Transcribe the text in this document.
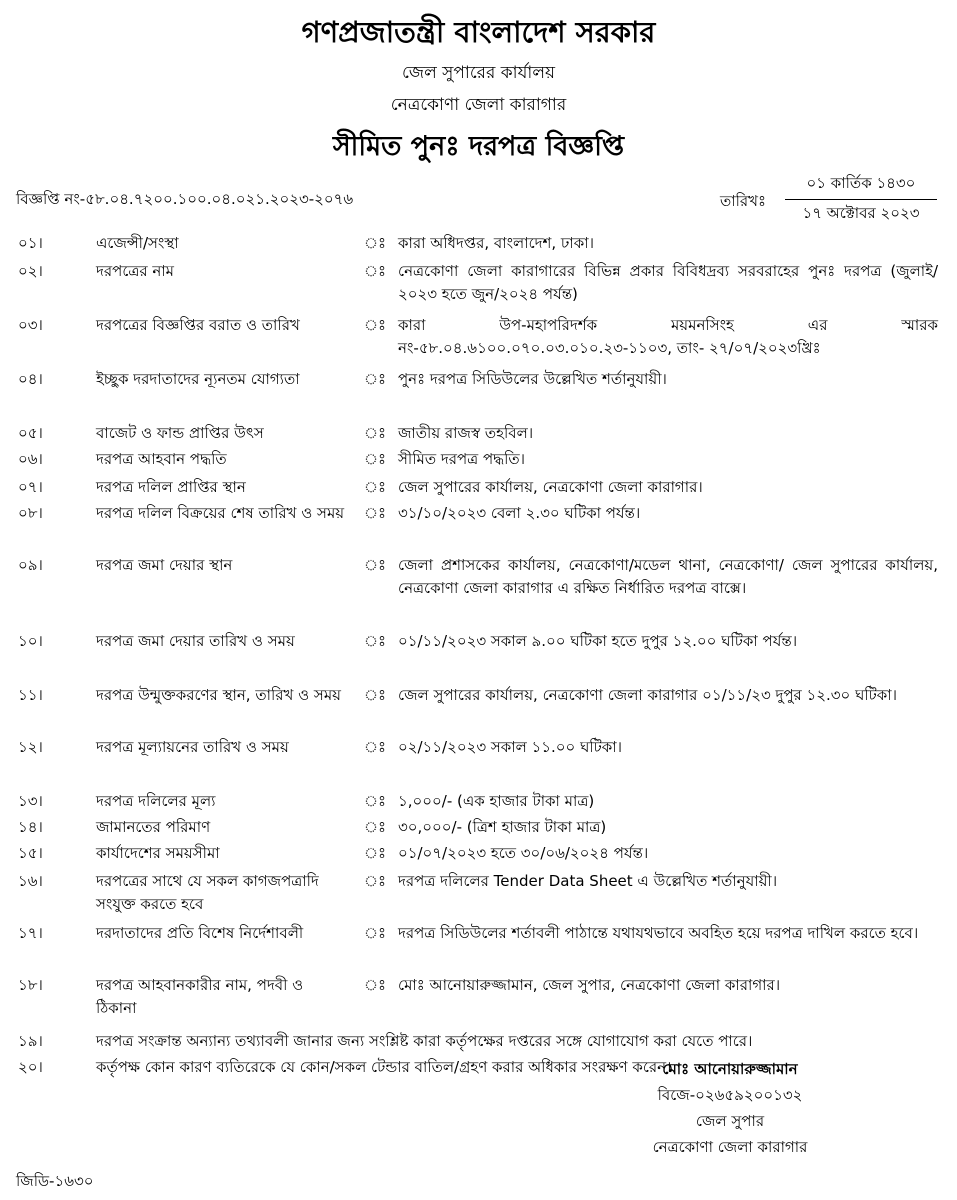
গণপ্রজাতন্ত্রী বাংলাদেশ সরকার
জেল সুপারের কার্যালয়
নেত্রকোণা জেলা কারাগার
সীমিত পুনঃ দরপত্র বিজ্ঞপ্তি
বিজ্ঞপ্তি নং-৫৮.০৪.৭২০০.১০০.০৪.০২১.২০২৩-২০৭৬	তারিখঃ
০১ কার্তিক ১৪৩০
১৭ অক্টোবর ২০২৩
০১।	এজেন্সী/সংস্থা	ঃ কারা অধিদপ্তর, বাংলাদেশ, ঢাকা।
০২।	দরপত্রের নাম	ঃ নেত্রকোণা জেলা কারাগারের বিভিন্ন প্রকার বিবিধদ্রব্য সরবরাহের পুনঃ দরপত্র (জুলাই/২০২৩ হতে জুন/২০২৪ পর্যন্ত)
০৩।	দরপত্রের বিজ্ঞপ্তির বরাত ও তারিখ	ঃ কারা উপ-মহাপরিদর্শক ময়মনসিংহ এর স্মারক নং-৫৮.০৪.৬১০০.০৭০.০৩.০১০.২৩-১১০৩, তাং- ২৭/০৭/২০২৩খ্রিঃ
০৪।	ইচ্ছুক দরদাতাদের ন্যূনতম যোগ্যতা	ঃ পুনঃ দরপত্র সিডিউলের উল্লেখিত শর্তানুযায়ী।
০৫।	বাজেট ও ফান্ড প্রাপ্তির উৎস	ঃ জাতীয় রাজস্ব তহবিল।
০৬।	দরপত্র আহবান পদ্ধতি	ঃ সীমিত দরপত্র পদ্ধতি।
০৭।	দরপত্র দলিল প্রাপ্তির স্থান	ঃ জেল সুপারের কার্যালয়, নেত্রকোণা জেলা কারাগার।
০৮।	দরপত্র দলিল বিক্রয়ের শেষ তারিখ ও সময় ঃ ৩১/১০/২০২৩ বেলা ২.৩০ ঘটিকা পর্যন্ত।
০৯।	দরপত্র জমা দেয়ার স্থান	ঃ জেলা প্রশাসকের কার্যালয়, নেত্রকোণা/মডেল থানা, নেত্রকোণা/ জেল সুপারের কার্যালয়, নেত্রকোণা জেলা কারাগার এ রক্ষিত নির্ধারিত দরপত্র বাক্সে।
১০।	দরপত্র জমা দেয়ার তারিখ ও সময়	ঃ ০১/১১/২০২৩ সকাল ৯.০০ ঘটিকা হতে দুপুর ১২.০০ ঘটিকা পর্যন্ত।
১১।	দরপত্র উন্মুক্তকরণের স্থান, তারিখ ও সময়	ঃ জেল সুপারের কার্যালয়, নেত্রকোণা জেলা কারাগার ০১/১১/২৩ দুপুর ১২.৩০ ঘটিকা।
১২।	দরপত্র মূল্যায়নের তারিখ ও সময়	ঃ ০২/১১/২০২৩ সকাল ১১.০০ ঘটিকা।
১৩।	দরপত্র দলিলের মূল্য	ঃ ১,০০০/- (এক হাজার টাকা মাত্র)
১৪।	জামানতের পরিমাণ	ঃ ৩০,০০০/- (ত্রিশ হাজার টাকা মাত্র)
১৫।	কার্যাদেশের সময়সীমা	ঃ ০১/০৭/২০২৩ হতে ৩০/০৬/২০২৪ পর্যন্ত।
১৬।	দরপত্রের সাথে যে সকল কাগজপত্রাদি সংযুক্ত করতে হবে
ঃ দরপত্র দলিলের Tender Data Sheet এ উল্লেখিত শর্তানুযায়ী।
১৭।	দরদাতাদের প্রতি বিশেষ নির্দেশাবলী	ঃ দরপত্র সিডিউলের শর্তাবলী পাঠান্তে যথাযথভাবে অবহিত হয়ে দরপত্র দাখিল করতে হবে।
১৮।	দরপত্র আহবানকারীর নাম, পদবী ও ঠিকানা
ঃ মোঃ আনোয়ারুজ্জামান, জেল সুপার, নেত্রকোণা জেলা কারাগার।
১৯।	দরপত্র সংক্রান্ত অন্যান্য তথ্যাবলী জানার জন্য সংশ্লিষ্ট কারা কর্তৃপক্ষের দপ্তরের সঙ্গে যোগাযোগ করা যেতে পারে।
২০।	কর্তৃপক্ষ কোন কারণ ব্যতিরেকে যে কোন/সকল টেন্ডার বাতিল/গ্রহণ করার অধিকার সংরক্ষণ করেন।
মোঃ আনোয়ারুজ্জামান
বিজে-০২৬৫৯২০০১৩২
জেল সুপার
নেত্রকোণা জেলা কারাগার
জিডি-১৬৩০
